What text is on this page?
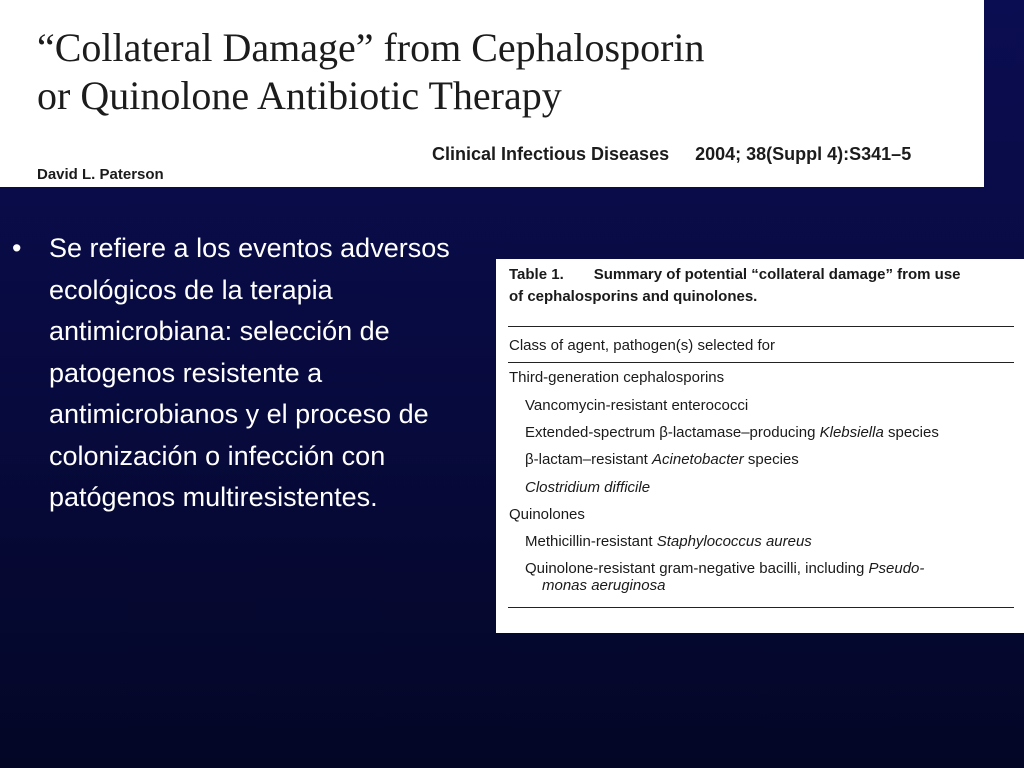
“Collateral Damage” from Cephalosporin
or Quinolone Antibiotic Therapy
Clinical Infectious Diseases 2004; 38(Suppl 4):S341–5
David L. Paterson
•	Se refiere a los eventos adversos ecológicos de la terapia antimicrobiana: selección de patogenos resistente a antimicrobianos y el proceso de colonización o infección con patógenos multiresistentes.
Table 1. Summary of potential “collateral damage” from use
of cephalosporins and quinolones.
Class of agent, pathogen(s) selected for
Third-generation cephalosporins
Vancomycin-resistant enterococci
Extended-spectrum β-lactamase–producing Klebsiella species
β-lactam–resistant Acinetobacter species
Clostridium difficile
Quinolones
Methicillin-resistant Staphylococcus aureus
Quinolone-resistant gram-negative bacilli, including Pseudo-
monas aeruginosa
